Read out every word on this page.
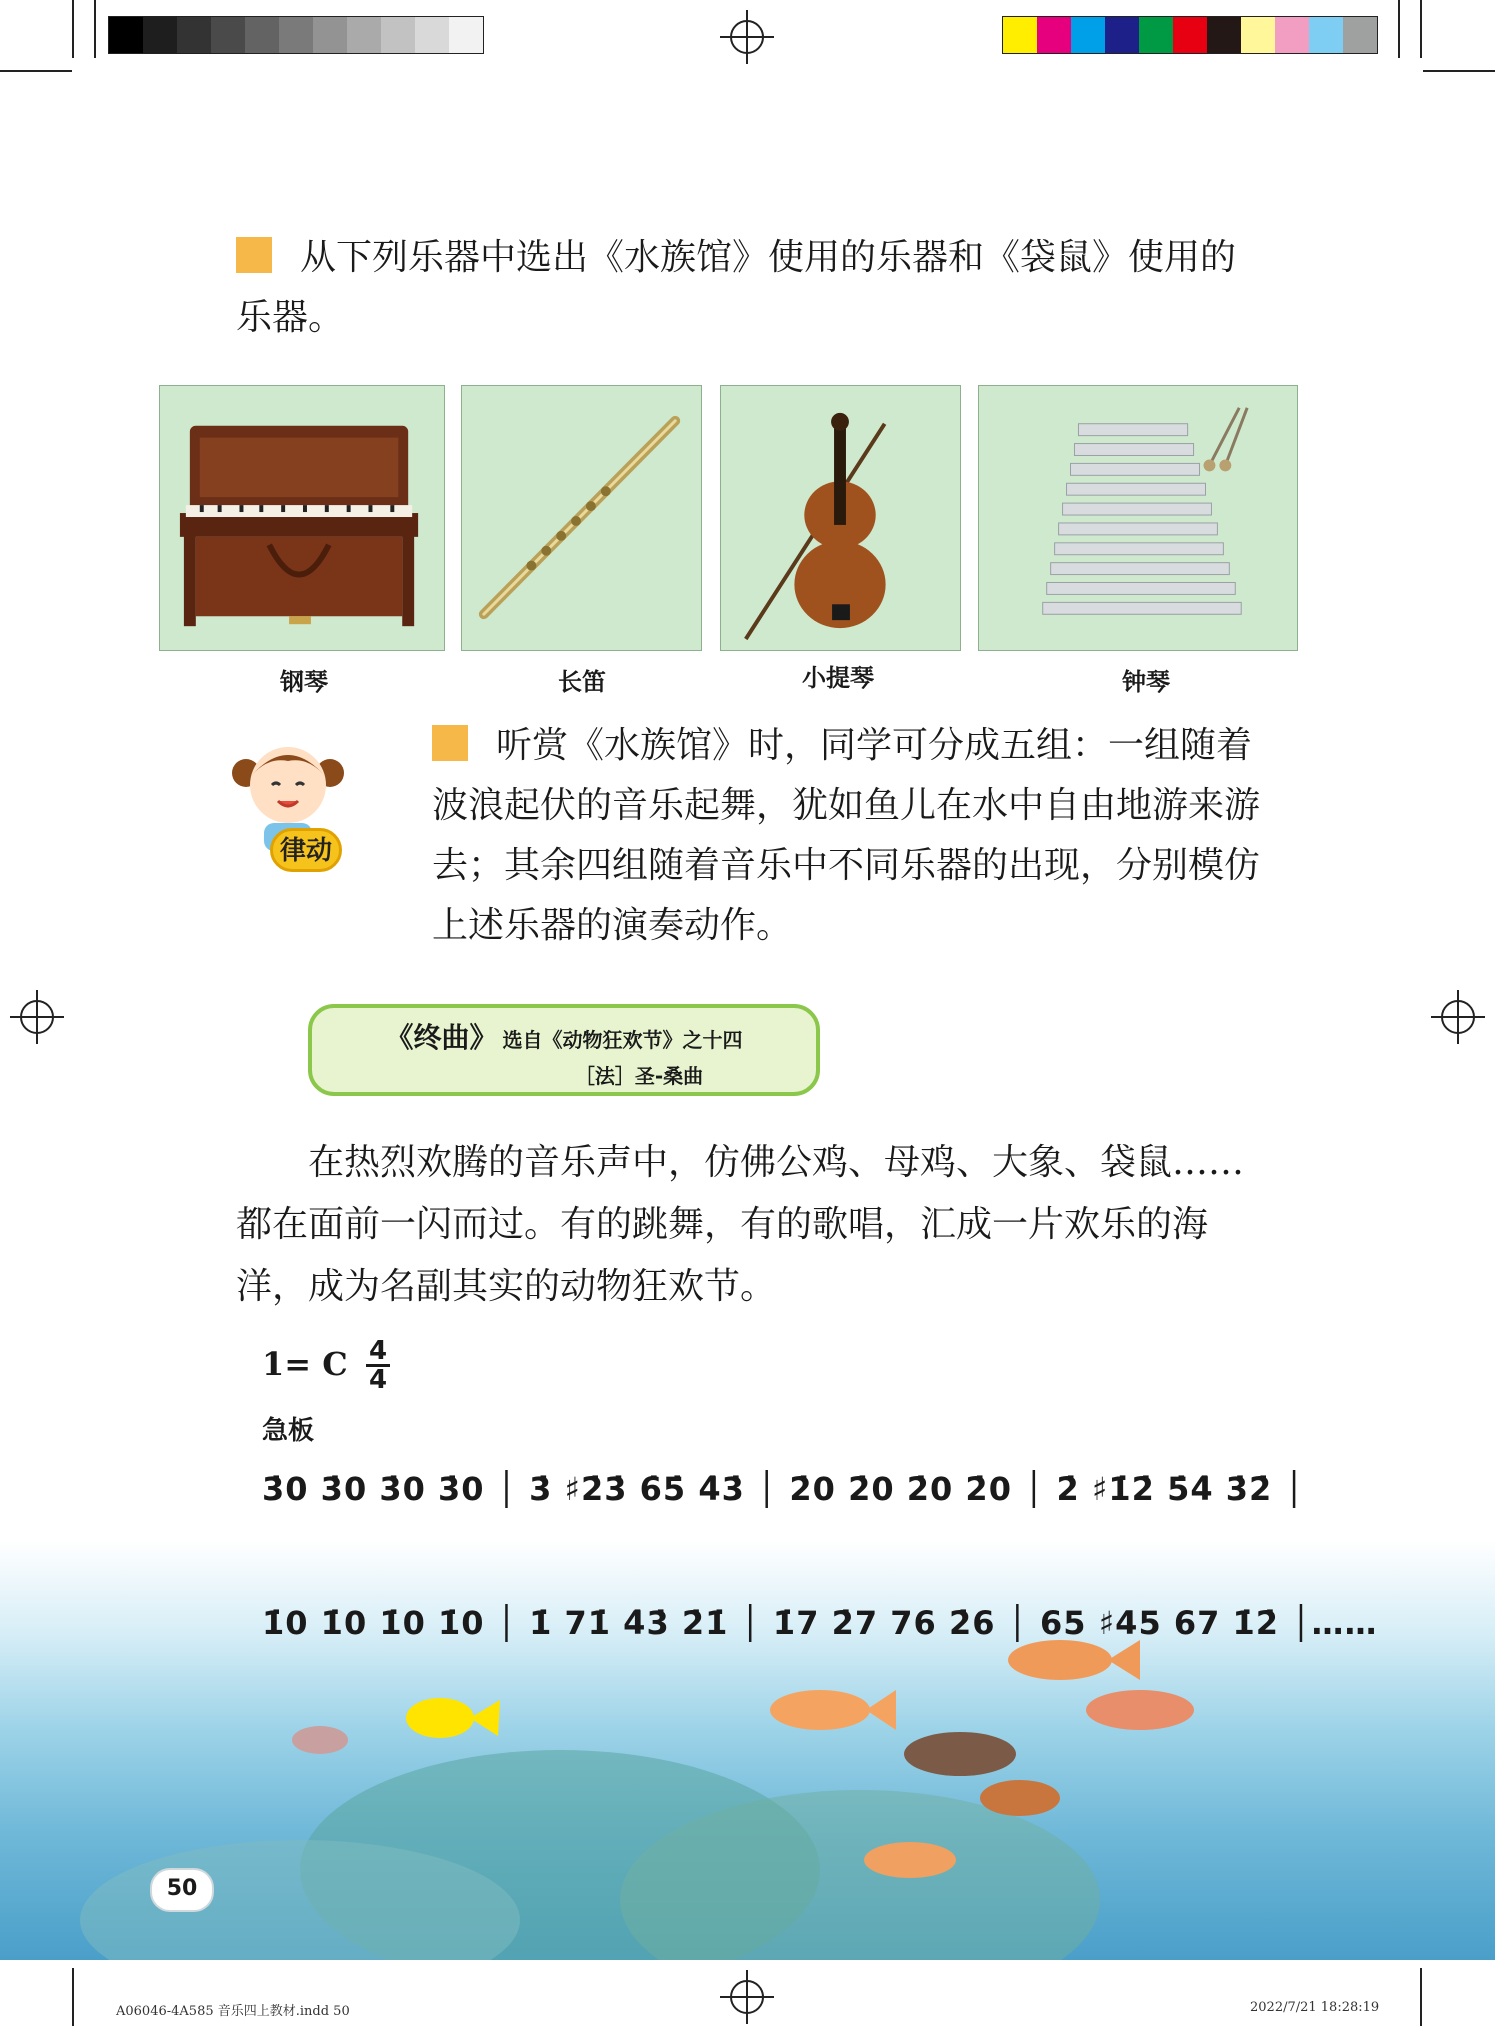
从下列乐器中选出《水族馆》使用的乐器和《袋鼠》使用的乐器。
钢琴	长笛	小提琴	钟琴
律动
听赏《水族馆》时，同学可分成五组：一组随着波浪起伏的音乐起舞，犹如鱼儿在水中自由地游来游去；其余四组随着音乐中不同乐器的出现，分别模仿上述乐器的演奏动作。
《终曲》 选自《动物狂欢节》之十四
［法］圣-桑曲
在热烈欢腾的音乐声中，仿佛公鸡、母鸡、大象、袋鼠……都在面前一闪而过。有的跳舞，有的歌唱，汇成一片欢乐的海洋，成为名副其实的动物狂欢节。
1= C 4
4
急板
3̇0 3̇0 3̇0 3̇0 │ 3̇ ♯2̇3̇ 6̇5̇ 4̇3̇ │ 2̇0 2̇0 2̇0 2̇0 │ 2̇ ♯1̇2̇ 5̇4̇ 3̇2̇ │
1̇0 1̇0 1̇0 1̇0 │ 1̇ 71̇ 4̇3̇ 2̇1̇ │ 1̇7 2̇7 76 2̇6 │ 65 ♯45 67 1̇2̇ │……
50
A06046-4A585 音乐四上教材.indd 50	2022/7/21 18:28:19
